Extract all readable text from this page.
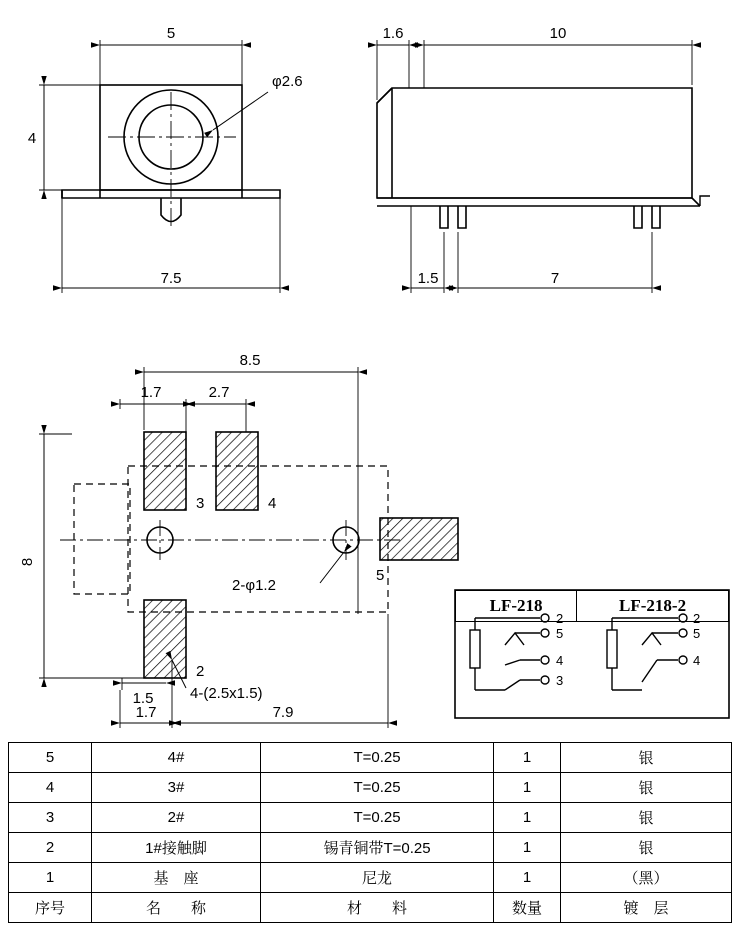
5
4
φ2.6
7.5
1.6	10
1.5	7
8.5
1.7	2.7
8
2-φ1.2
4-(2.5x1.5)
3	4
2
5
1.5
1.7	7.9
2
2
5
4
3
5
4
LF-218	LF-218-2
5	4#	T=0.25	1	银
4	3#	T=0.25	1	银
3	2#	T=0.25	1	银
2	1#接触脚	锡青铜带T=0.25	1	银
1	基　座	尼龙	1	（黑）
序号	名　　称	材　　料	数量	镀　层
